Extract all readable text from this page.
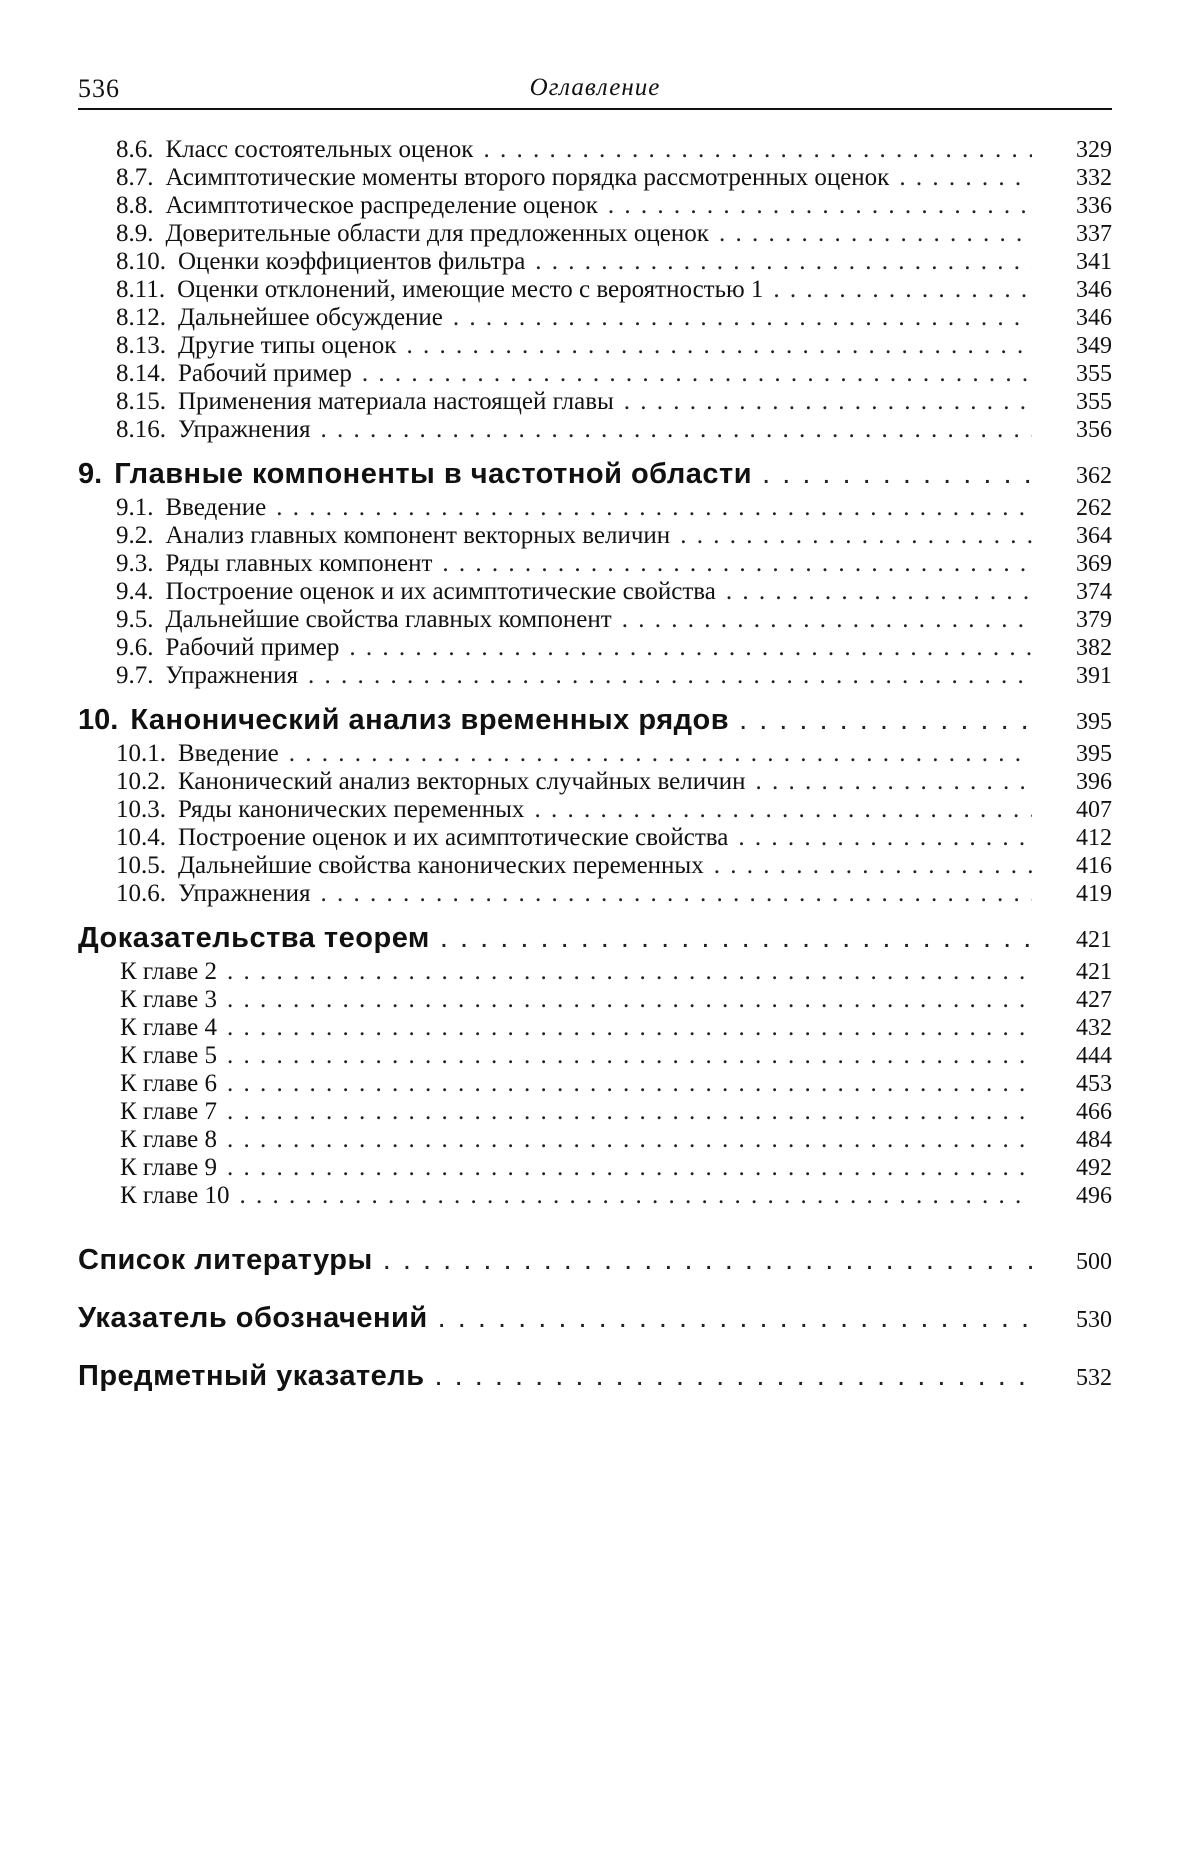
536	Оглавление
8.6. Класс состоятельных оценок . . .	329
8.7. Асимптотические моменты второго порядка рассмотренных оценок . . .	332
8.8. Асимптотическое распределение оценок . . .	336
8.9. Доверительные области для предложенных оценок . . .	337
8.10. Оценки коэффициентов фильтра . . .	341
8.11. Оценки отклонений, имеющие место с вероятностью 1 . . .	346
8.12. Дальнейшее обсуждение . . .	346
8.13. Другие типы оценок . . .	349
8.14. Рабочий пример . . .	355
8.15. Применения материала настоящей главы . . .	355
8.16. Упражнения . . .	356
9. Главные компоненты в частотной области . . .	362
9.1. Введение . . .	262
9.2. Анализ главных компонент векторных величин . . .	364
9.3. Ряды главных компонент . . .	369
9.4. Построение оценок и их асимптотические свойства . . .	374
9.5. Дальнейшие свойства главных компонент . . .	379
9.6. Рабочий пример . . .	382
9.7. Упражнения . . .	391
10. Канонический анализ временных рядов . . .	395
10.1. Введение . . .	395
10.2. Канонический анализ векторных случайных величин . . .	396
10.3. Ряды канонических переменных . . .	407
10.4. Построение оценок и их асимптотические свойства . . .	412
10.5. Дальнейшие свойства канонических переменных . . .	416
10.6. Упражнения . . .	419
Доказательства теорем . . .	421
К главе 2 . . .	421
К главе 3 . . .	427
К главе 4 . . .	432
К главе 5 . . .	444
К главе 6 . . .	453
К главе 7 . . .	466
К главе 8 . . .	484
К главе 9 . . .	492
К главе 10 . . .	496
Список литературы . . .	500
Указатель обозначений . . .	530
Предметный указатель . . .	532
